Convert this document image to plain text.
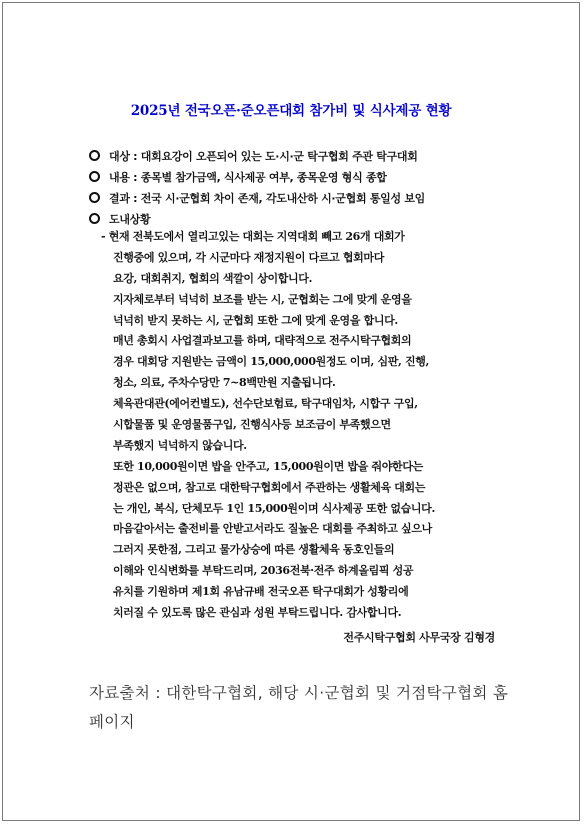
2025년 전국오픈·준오픈대회 참가비 및 식사제공 현황
대상 : 대회요강이 오픈되어 있는 도·시·군 탁구협회 주관 탁구대회
내용 : 종목별 참가금액, 식사제공 여부, 종목운영 형식 종합
결과 : 전국 시·군협회 차이 존재, 각도내산하 시·군협회 통일성 보임
도내상황
- 현재 전북도에서 열리고있는 대회는 지역대회 빼고 26개 대회가
진행중에 있으며, 각 시군마다 재정지원이 다르고 협회마다
요강, 대회취지, 협회의 색깔이 상이합니다.
지자체로부터 넉넉히 보조를 받는 시, 군협회는 그에 맞게 운영을
넉넉히 받지 못하는 시, 군협회 또한 그에 맞게 운영을 합니다.
매년 총회시 사업결과보고를 하며, 대략적으로 전주시탁구협회의
경우 대회당 지원받는 금액이 15,000,000원정도 이며, 심판, 진행,
청소, 의료, 주차수당만 7~8백만원 지출됩니다.
체육관대관(에어컨별도), 선수단보험료, 탁구대임차, 시합구 구입,
시합물품 및 운영물품구입, 진행식사등 보조금이 부족했으면
부족했지 넉넉하지 않습니다.
또한 10,000원이면 밥을 안주고, 15,000원이면 밥을 줘야한다는
정관은 없으며, 참고로 대한탁구협회에서 주관하는 생활체육 대회는
는 개인, 복식, 단체모두 1인 15,000원이며 식사제공 또한 없습니다.
마음같아서는 출전비를 안받고서라도 질높은 대회를 주최하고 싶으나
그러지 못한점, 그리고 물가상승에 따른 생활체육 동호인들의
이해와 인식변화를 부탁드리며, 2036전북·전주 하계올림픽 성공
유치를 기원하며 제1회 유남규배 전국오픈 탁구대회가 성황리에
치러질 수 있도록 많은 관심과 성원 부탁드립니다. 감사합니다.
전주시탁구협회 사무국장 김형경
자료출처 : 대한탁구협회, 해당 시·군협회 및 거점탁구협회 홈페이지
